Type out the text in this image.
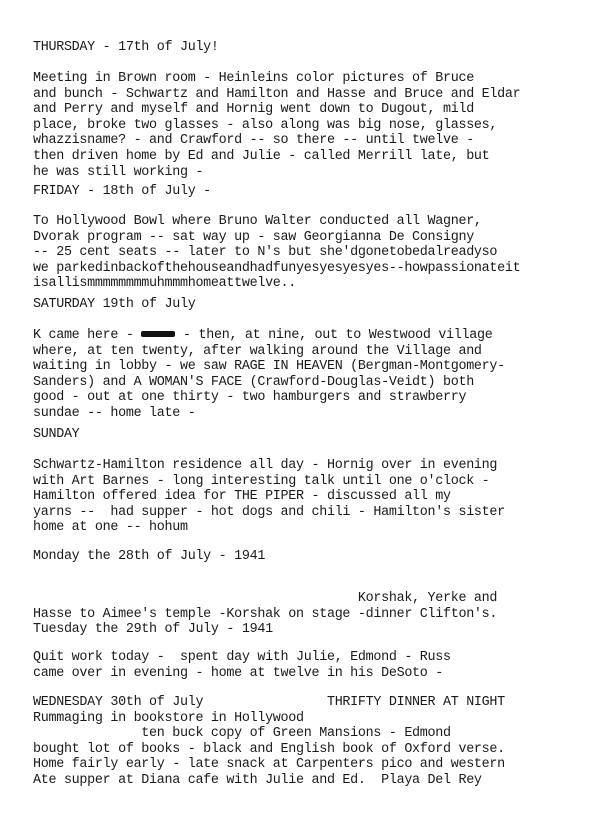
THURSDAY - 17th of July!
Meeting in Brown room - Heinleins color pictures of Bruce
and bunch - Schwartz and Hamilton and Hasse and Bruce and Eldar
and Perry and myself and Hornig went down to Dugout, mild
place, broke two glasses - also along was big nose, glasses,
whazzisname? - and Crawford -- so there -- until twelve -
then driven home by Ed and Julie - called Merrill late, but
he was still working -
FRIDAY - 18th of July -
To Hollywood Bowl where Bruno Walter conducted all Wagner,
Dvorak program -- sat way up - saw Georgianna De Consigny
-- 25 cent seats -- later to N's but she'dgonetobedalreadyso
we parkedinbackofthehouseandhadfunyesyesyesyes--howpassionateit
isallismmmmmmmmuhmmmhomeattwelve..
SATURDAY 19th of July
K came here -	- then, at nine, out to Westwood village
where, at ten twenty, after walking around the Village and
waiting in lobby - we saw RAGE IN HEAVEN (Bergman-Montgomery-
Sanders) and A WOMAN'S FACE (Crawford-Douglas-Veidt) both
good - out at one thirty - two hamburgers and strawberry
sundae -- home late -
SUNDAY
Schwartz-Hamilton residence all day - Hornig over in evening
with Art Barnes - long interesting talk until one o'clock -
Hamilton offered idea for THE PIPER - discussed all my
yarns --  had supper - hot dogs and chili - Hamilton's sister
home at one -- hohum
Monday the 28th of July - 1941
Korshak, Yerke and
Hasse to Aimee's temple -Korshak on stage -dinner Clifton's.
Tuesday the 29th of July - 1941
Quit work today -  spent day with Julie, Edmond - Russ
came over in evening - home at twelve in his DeSoto -
WEDNESDAY 30th of July                THRIFTY DINNER AT NIGHT
Rummaging in bookstore in Hollywood
ten buck copy of Green Mansions - Edmond
bought lot of books - black and English book of Oxford verse.
Home fairly early - late snack at Carpenters pico and western
Ate supper at Diana cafe with Julie and Ed.  Playa Del Rey
